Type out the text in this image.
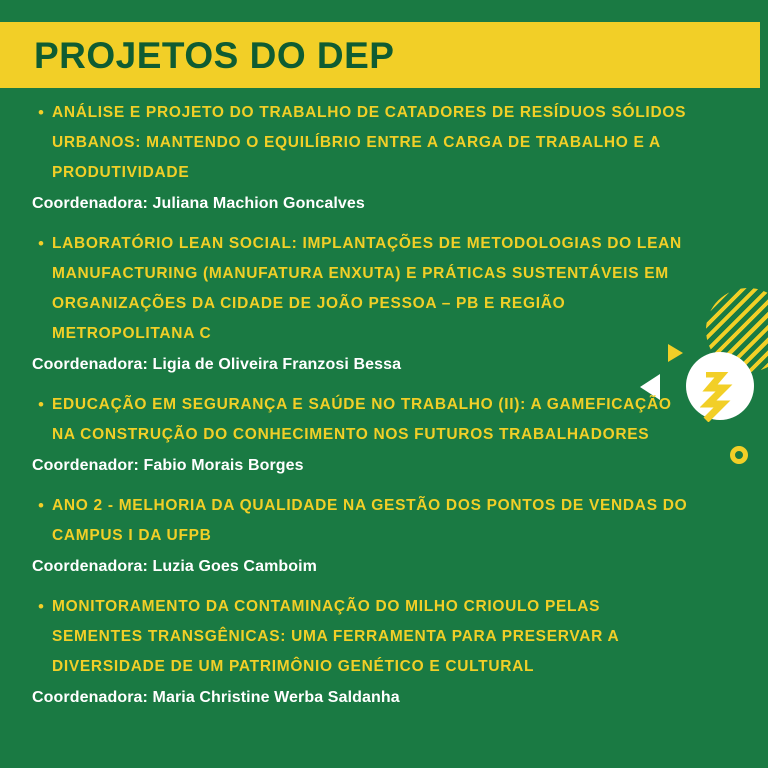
PROJETOS DO DEP
• ANÁLISE E PROJETO DO TRABALHO DE CATADORES DE RESÍDUOS SÓLIDOS URBANOS: MANTENDO O EQUILÍBRIO ENTRE A CARGA DE TRABALHO E A PRODUTIVIDADE
Coordenadora: Juliana Machion Goncalves
• LABORATÓRIO LEAN SOCIAL: IMPLANTAÇÕES DE METODOLOGIAS DO LEAN MANUFACTURING (MANUFATURA ENXUTA) E PRÁTICAS SUSTENTÁVEIS EM ORGANIZAÇÕES DA CIDADE DE JOÃO PESSOA – PB E REGIÃO METROPOLITANA C
Coordenadora: Ligia de Oliveira Franzosi Bessa
• EDUCAÇÃO EM SEGURANÇA E SAÚDE NO TRABALHO (II): A GAMEFICAÇÃO NA CONSTRUÇÃO DO CONHECIMENTO NOS FUTUROS TRABALHADORES
Coordenador: Fabio Morais Borges
• ANO 2 - MELHORIA DA QUALIDADE NA GESTÃO DOS PONTOS DE VENDAS DO CAMPUS I DA UFPB
Coordenadora: Luzia Goes Camboim
• MONITORAMENTO DA CONTAMINAÇÃO DO MILHO CRIOULO PELAS SEMENTES TRANSGÊNICAS: UMA FERRAMENTA PARA PRESERVAR A DIVERSIDADE DE UM PATRIMÔNIO GENÉTICO E CULTURAL
Coordenadora: Maria Christine Werba Saldanha
